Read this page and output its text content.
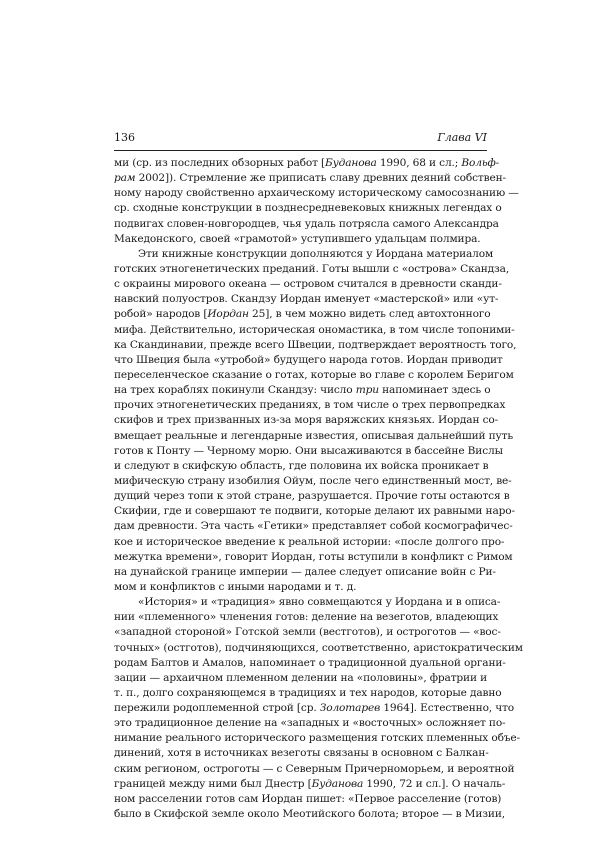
136	Глава VI
ми (ср. из последних обзорных работ [Буданова 1990, 68 и сл.; Вольф-
рам 2002]). Стремление же приписать славу древних деяний собствен-
ному народу свойственно архаическому историческому самосознанию —
ср. сходные конструкции в позднесредневековых книжных легендах о
подвигах словен-новгородцев, чья удаль потрясла самого Александра
Македонского, своей «грамотой» уступившего удальцам полмира.
Эти книжные конструкции дополняются у Иордана материалом
готских этногенетических преданий. Готы вышли с «острова» Скандза,
с окраины мирового океана — островом считался в древности сканди-
навский полуостров. Скандзу Иордан именует «мастерской» или «ут-
робой» народов [Иордан 25], в чем можно видеть след автохтонного
мифа. Действительно, историческая ономастика, в том числе топоними-
ка Скандинавии, прежде всего Швеции, подтверждает вероятность того,
что Швеция была «утробой» будущего народа готов. Иордан приводит
переселенческое сказание о готах, которые во главе с королем Беригом
на трех кораблях покинули Скандзу: число три напоминает здесь о
прочих этногенетических преданиях, в том числе о трех первопредках
скифов и трех призванных из-за моря варяжских князьях. Иордан со-
вмещает реальные и легендарные известия, описывая дальнейший путь
готов к Понту — Черному морю. Они высаживаются в бассейне Вислы
и следуют в скифскую область, где половина их войска проникает в
мифическую страну изобилия Ойум, после чего единственный мост, ве-
дущий через топи к этой стране, разрушается. Прочие готы остаются в
Скифии, где и совершают те подвиги, которые делают их равными наро-
дам древности. Эта часть «Гетики» представляет собой космографичес-
кое и историческое введение к реальной истории: «после долгого про-
межутка времени», говорит Иордан, готы вступили в конфликт с Римом
на дунайской границе империи — далее следует описание войн с Ри-
мом и конфликтов с иными народами и т. д.
«История» и «традиция» явно совмещаются у Иордана и в описа-
нии «племенного» членения готов: деление на везеготов, владеющих
«западной стороной» Готской земли (вестготов), и остроготов — «вос-
точных» (остготов), подчиняющихся, соответственно, аристократическим
родам Балтов и Амалов, напоминает о традиционной дуальной органи-
зации — архаичном племенном делении на «половины», фратрии и
т. п., долго сохраняющемся в традициях и тех народов, которые давно
пережили родоплеменной строй [ср. Золотарев 1964]. Естественно, что
это традиционное деление на «западных и «восточных» осложняет по-
нимание реального исторического размещения готских племенных объе-
динений, хотя в источниках везеготы связаны в основном с Балкан-
ским регионом, остроготы — с Северным Причерноморьем, и вероятной
границей между ними был Днестр [Буданова 1990, 72 и сл.]. О началь-
ном расселении готов сам Иордан пишет: «Первое расселение (готов)
было в Скифской земле около Меотийского болота; второе — в Мизии,
